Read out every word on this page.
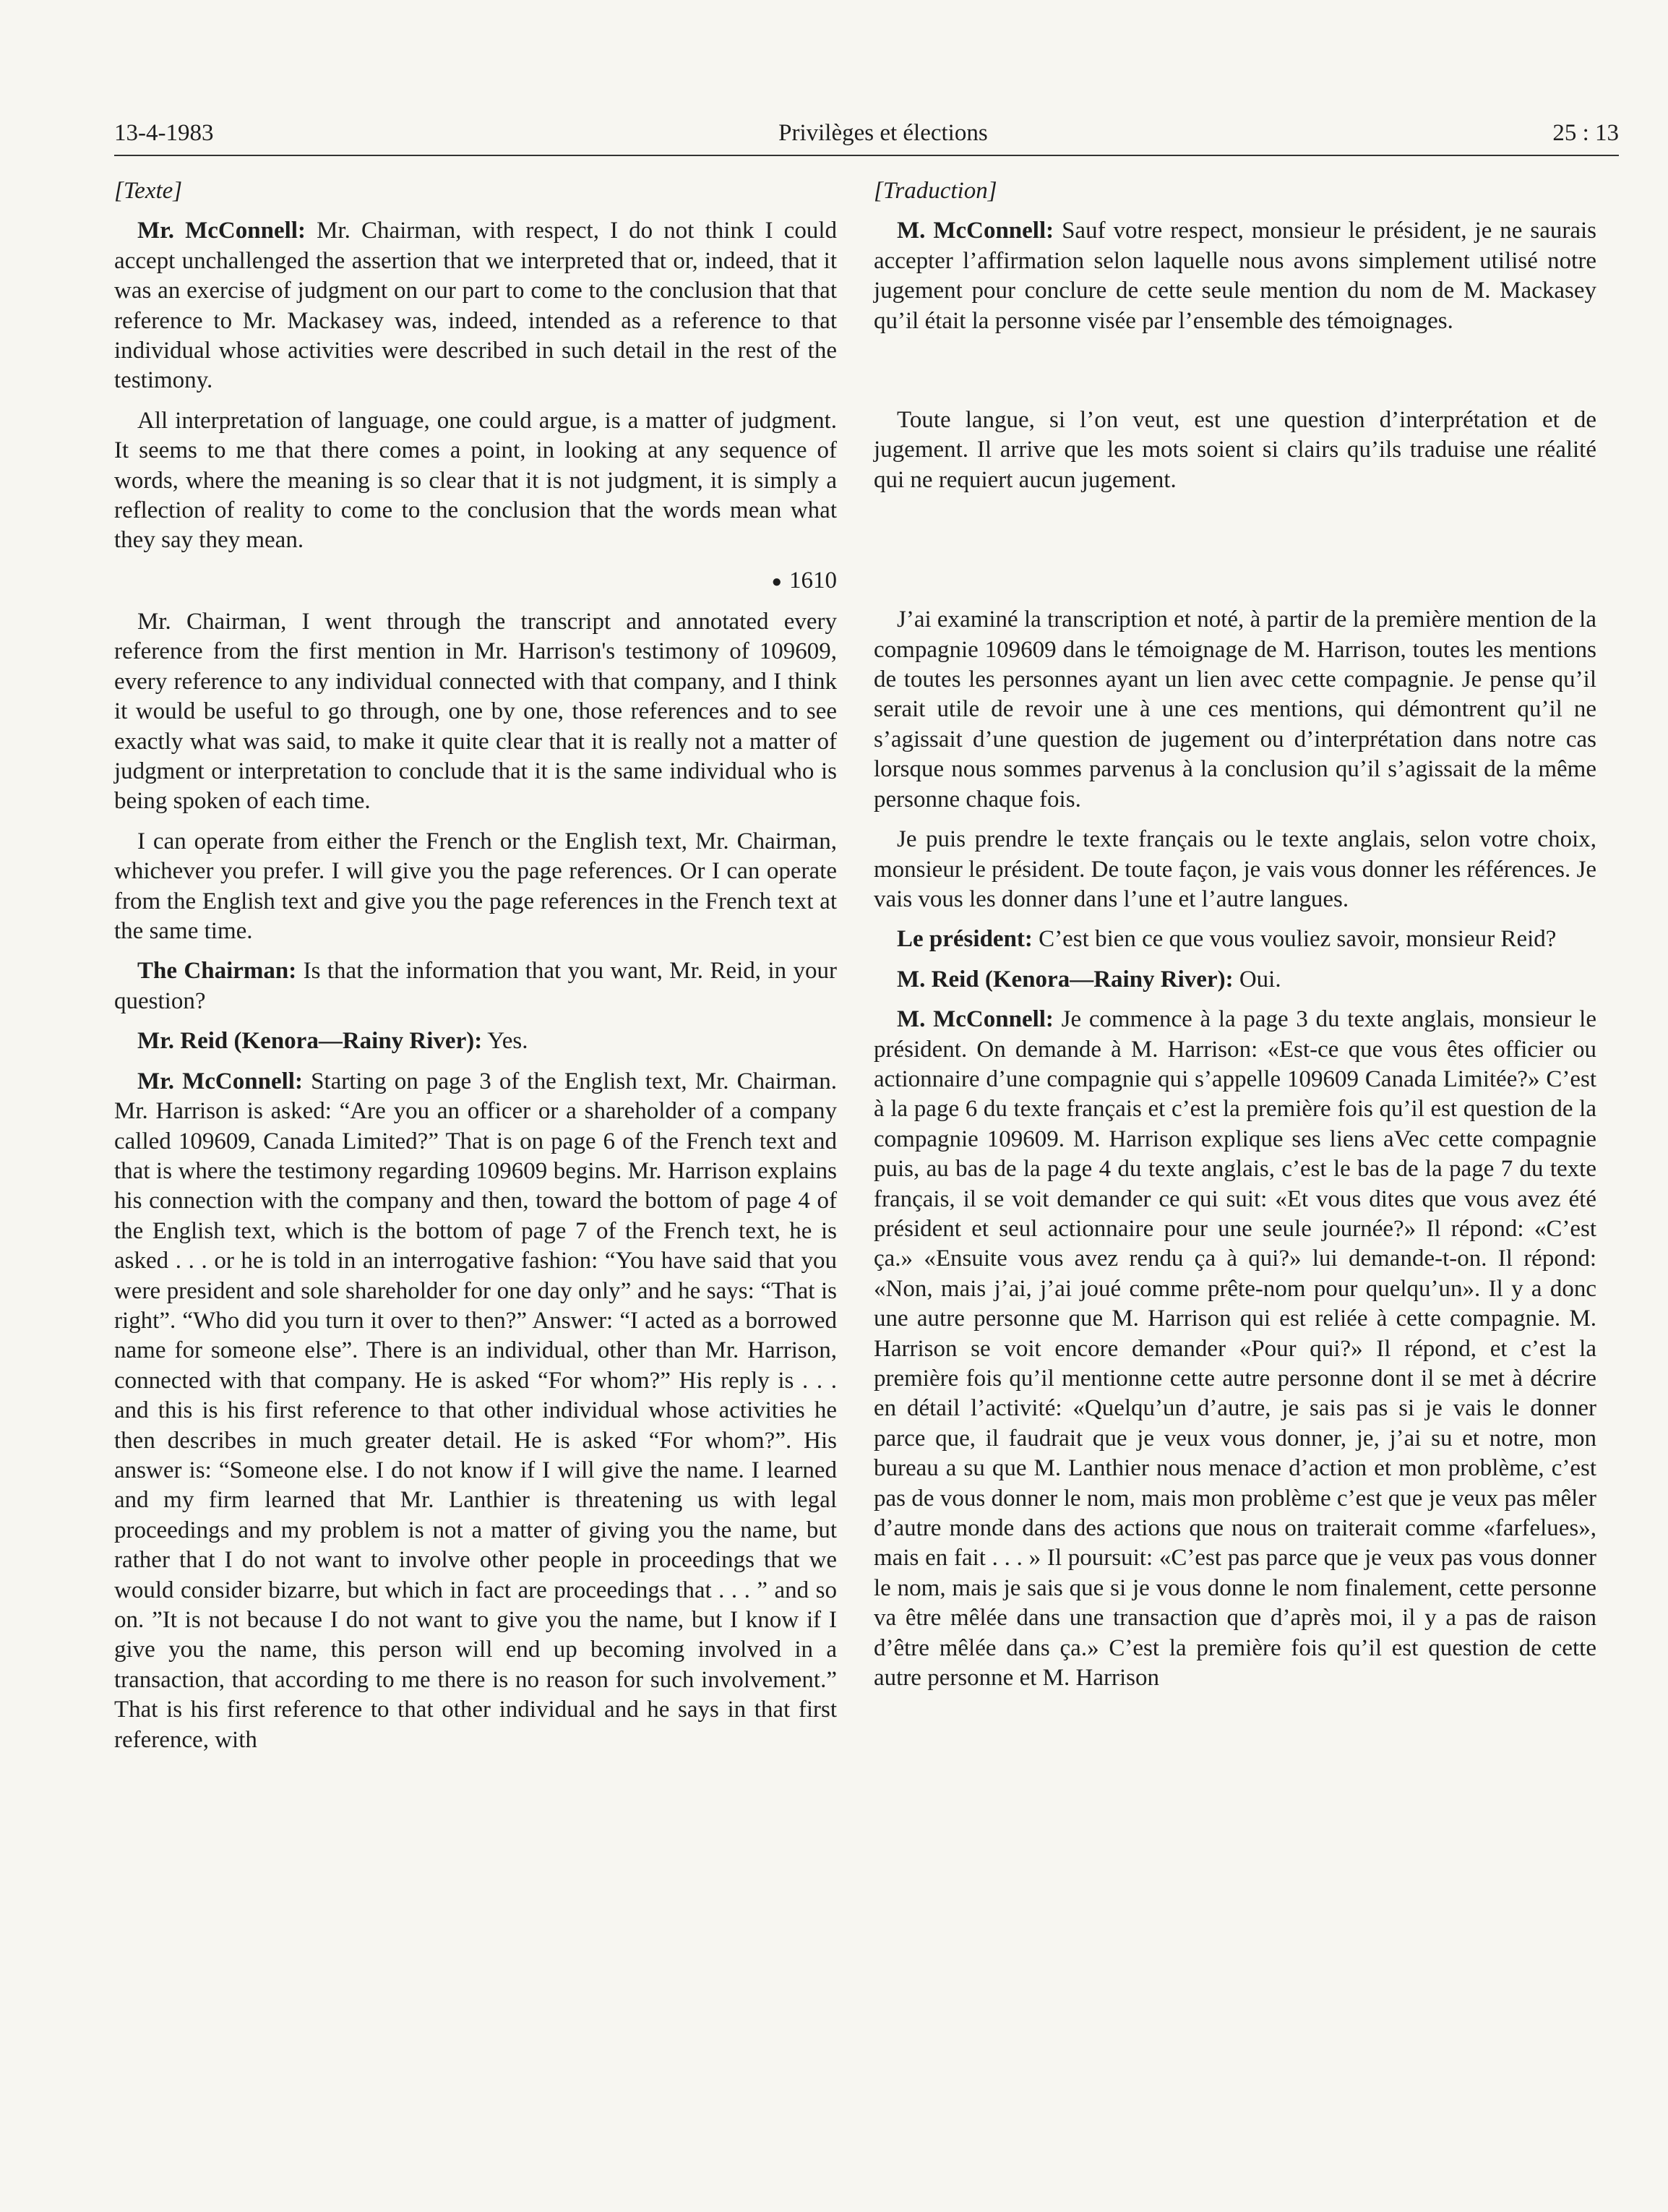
13-4-1983	Privilèges et élections	25 : 13

[Texte]

Mr. McConnell: Mr. Chairman, with respect, I do not think I could accept unchallenged the assertion that we interpreted that or, indeed, that it was an exercise of judgment on our part to come to the conclusion that that reference to Mr. Mackasey was, indeed, intended as a reference to that individual whose activities were described in such detail in the rest of the testimony.

All interpretation of language, one could argue, is a matter of judgment. It seems to me that there comes a point, in looking at any sequence of words, where the meaning is so clear that it is not judgment, it is simply a reflection of reality to come to the conclusion that the words mean what they say they mean.

● 1610

Mr. Chairman, I went through the transcript and annotated every reference from the first mention in Mr. Harrison's testimony of 109609, every reference to any individual connected with that company, and I think it would be useful to go through, one by one, those references and to see exactly what was said, to make it quite clear that it is really not a matter of judgment or interpretation to conclude that it is the same individual who is being spoken of each time.

I can operate from either the French or the English text, Mr. Chairman, whichever you prefer. I will give you the page references. Or I can operate from the English text and give you the page references in the French text at the same time.

The Chairman: Is that the information that you want, Mr. Reid, in your question?

Mr. Reid (Kenora—Rainy River): Yes.

Mr. McConnell: Starting on page 3 of the English text, Mr. Chairman. Mr. Harrison is asked: “Are you an officer or a shareholder of a company called 109609, Canada Limited?” That is on page 6 of the French text and that is where the testimony regarding 109609 begins. Mr. Harrison explains his connection with the company and then, toward the bottom of page 4 of the English text, which is the bottom of page 7 of the French text, he is asked . . . or he is told in an interrogative fashion: “You have said that you were president and sole shareholder for one day only” and he says: “That is right”. “Who did you turn it over to then?” Answer: “I acted as a borrowed name for someone else”. There is an individual, other than Mr. Harrison, connected with that company. He is asked “For whom?” His reply is . . . and this is his first reference to that other individual whose activities he then describes in much greater detail. He is asked “For whom?”. His answer is: “Someone else. I do not know if I will give the name. I learned and my firm learned that Mr. Lanthier is threatening us with legal proceedings and my problem is not a matter of giving you the name, but rather that I do not want to involve other people in proceedings that we would consider bizarre, but which in fact are proceedings that . . . ” and so on. ”It is not because I do not want to give you the name, but I know if I give you the name, this person will end up becoming involved in a transaction, that according to me there is no reason for such involvement.” That is his first reference to that other individual and he says in that first reference, with

[Traduction]

M. McConnell: Sauf votre respect, monsieur le président, je ne saurais accepter l’affirmation selon laquelle nous avons simplement utilisé notre jugement pour conclure de cette seule mention du nom de M. Mackasey qu’il était la personne visée par l’ensemble des témoignages.

Toute langue, si l’on veut, est une question d’interprétation et de jugement. Il arrive que les mots soient si clairs qu’ils traduise une réalité qui ne requiert aucun jugement.

J’ai examiné la transcription et noté, à partir de la première mention de la compagnie 109609 dans le témoignage de M. Harrison, toutes les mentions de toutes les personnes ayant un lien avec cette compagnie. Je pense qu’il serait utile de revoir une à une ces mentions, qui démontrent qu’il ne s’agissait d’une question de jugement ou d’interprétation dans notre cas lorsque nous sommes parvenus à la conclusion qu’il s’agissait de la même personne chaque fois.

Je puis prendre le texte français ou le texte anglais, selon votre choix, monsieur le président. De toute façon, je vais vous donner les références. Je vais vous les donner dans l’une et l’autre langues.

Le président: C’est bien ce que vous vouliez savoir, monsieur Reid?

M. Reid (Kenora—Rainy River): Oui.

M. McConnell: Je commence à la page 3 du texte anglais, monsieur le président. On demande à M. Harrison: «Est-ce que vous êtes officier ou actionnaire d’une compagnie qui s’appelle 109609 Canada Limitée?» C’est à la page 6 du texte français et c’est la première fois qu’il est question de la compagnie 109609. M. Harrison explique ses liens aVec cette compagnie puis, au bas de la page 4 du texte anglais, c’est le bas de la page 7 du texte français, il se voit demander ce qui suit: «Et vous dites que vous avez été président et seul actionnaire pour une seule journée?» Il répond: «C’est ça.» «Ensuite vous avez rendu ça à qui?» lui demande-t-on. Il répond: «Non, mais j’ai, j’ai joué comme prête-nom pour quelqu’un». Il y a donc une autre personne que M. Harrison qui est reliée à cette compagnie. M. Harrison se voit encore demander «Pour qui?» Il répond, et c’est la première fois qu’il mentionne cette autre personne dont il se met à décrire en détail l’activité: «Quelqu’un d’autre, je sais pas si je vais le donner parce que, il faudrait que je veux vous donner, je, j’ai su et notre, mon bureau a su que M. Lanthier nous menace d’action et mon problème, c’est pas de vous donner le nom, mais mon problème c’est que je veux pas mêler d’autre monde dans des actions que nous on traiterait comme «farfelues», mais en fait . . . » Il poursuit: «C’est pas parce que je veux pas vous donner le nom, mais je sais que si je vous donne le nom finalement, cette personne va être mêlée dans une transaction que d’après moi, il y a pas de raison d’être mêlée dans ça.» C’est la première fois qu’il est question de cette autre personne et M. Harrison
